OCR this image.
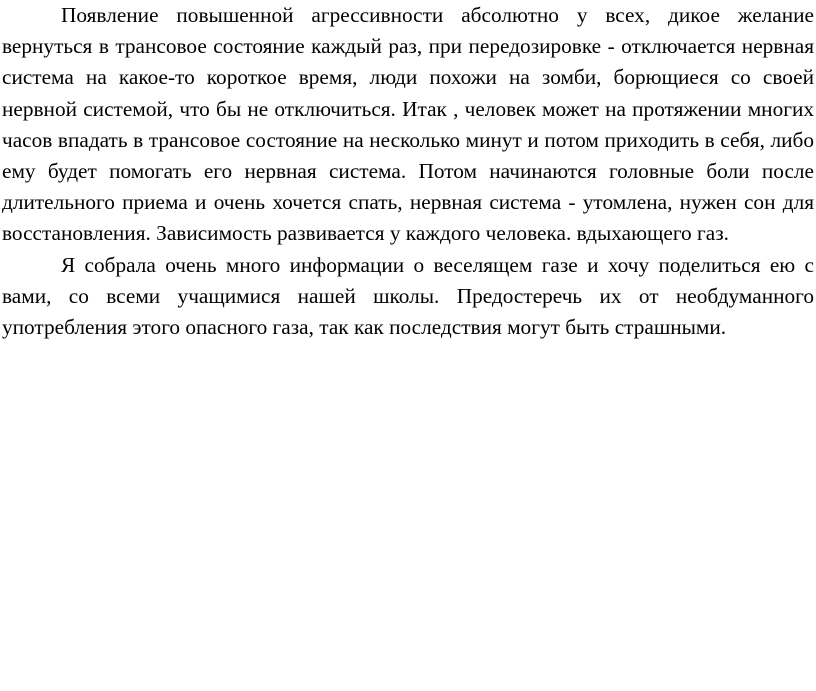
Появление повышенной агрессивности абсолютно у всех, дикое желание вернуться в трансовое состояние каждый раз, при передозировке - отключается нервная система на какое-то короткое время, люди похожи на зомби, борющиеся со своей нервной системой, что бы не отключиться. Итак , человек может на протяжении многих часов впадать в трансовое состояние на несколько минут и потом приходить в себя, либо ему будет помогать его нервная система. Потом начинаются головные боли после длительного приема и очень хочется спать, нервная система - утомлена, нужен сон для восстановления. Зависимость развивается у каждого человека. вдыхающего газ.

Я собрала очень много информации о веселящем газе и хочу поделиться ею с вами, со всеми учащимися нашей школы. Предостеречь их от необдуманного употребления этого опасного газа, так как последствия могут быть страшными.
